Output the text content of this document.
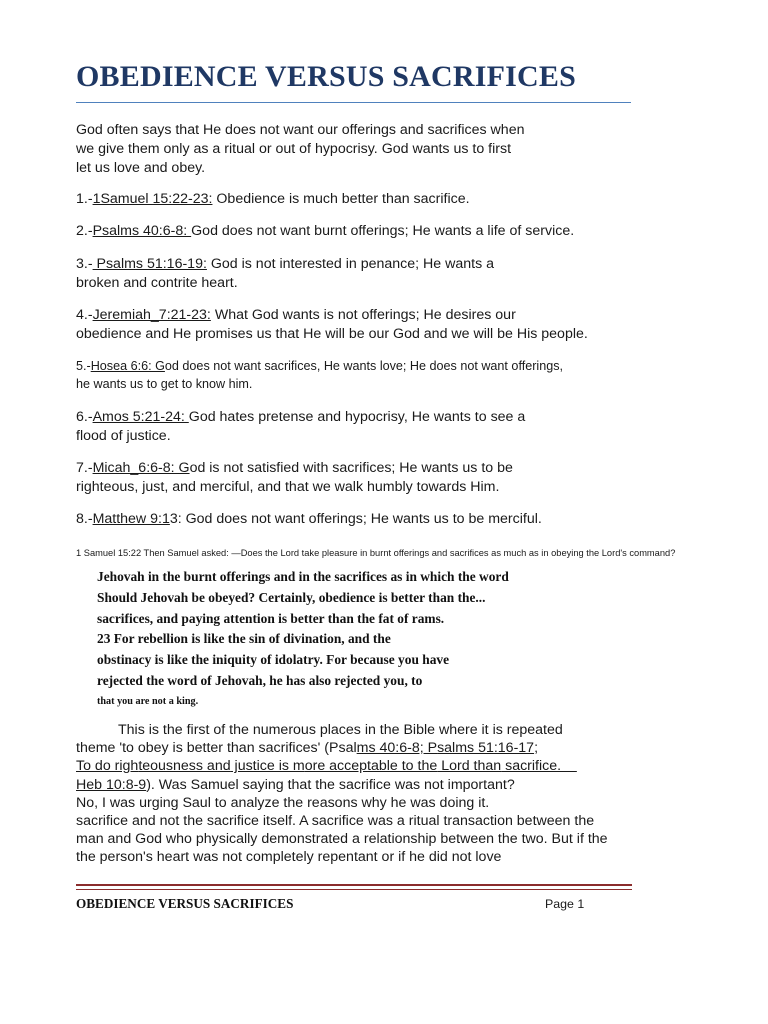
OBEDIENCE VERSUS SACRIFICES
God often says that He does not want our offerings and sacrifices when
we give them only as a ritual or out of hypocrisy. God wants us to first
let us love and obey.
1.-1Samuel 15:22-23: Obedience is much better than sacrifice.
2.-Psalms 40:6-8: God does not want burnt offerings; He wants a life of service.
3.- Psalms 51:16-19: God is not interested in penance; He wants a
broken and contrite heart.
4.-Jeremiah_7:21-23: What God wants is not offerings; He desires our
obedience and He promises us that He will be our God and we will be His people.
5.-Hosea 6:6: God does not want sacrifices, He wants love; He does not want offerings,
he wants us to get to know him.
6.-Amos 5:21-24: God hates pretense and hypocrisy, He wants to see a
flood of justice.
7.-Micah_6:6-8: God is not satisfied with sacrifices; He wants us to be
righteous, just, and merciful, and that we walk humbly towards Him.
8.-Matthew 9:13: God does not want offerings; He wants us to be merciful.
1 Samuel 15:22 Then Samuel asked: —Does the Lord take pleasure in burnt offerings and sacrifices as much as in obeying the Lord's command?
Jehovah in the burnt offerings and in the sacrifices as in which the word
Should Jehovah be obeyed? Certainly, obedience is better than the...
sacrifices, and paying attention is better than the fat of rams.
23 For rebellion is like the sin of divination, and the
obstinacy is like the iniquity of idolatry. For because you have
rejected the word of Jehovah, he has also rejected you, to
that you are not a king.
This is the first of the numerous places in the Bible where it is repeated
theme 'to obey is better than sacrifices' (Psalms 40:6-8; Psalms 51:16-17;
To do righteousness and justice is more acceptable to the Lord than sacrifice.
Heb 10:8-9). Was Samuel saying that the sacrifice was not important?
No, I was urging Saul to analyze the reasons why he was doing it.
sacrifice and not the sacrifice itself. A sacrifice was a ritual transaction between the
man and God who physically demonstrated a relationship between the two. But if the
the person's heart was not completely repentant or if he did not love
OBEDIENCE VERSUS SACRIFICES	Page 1
